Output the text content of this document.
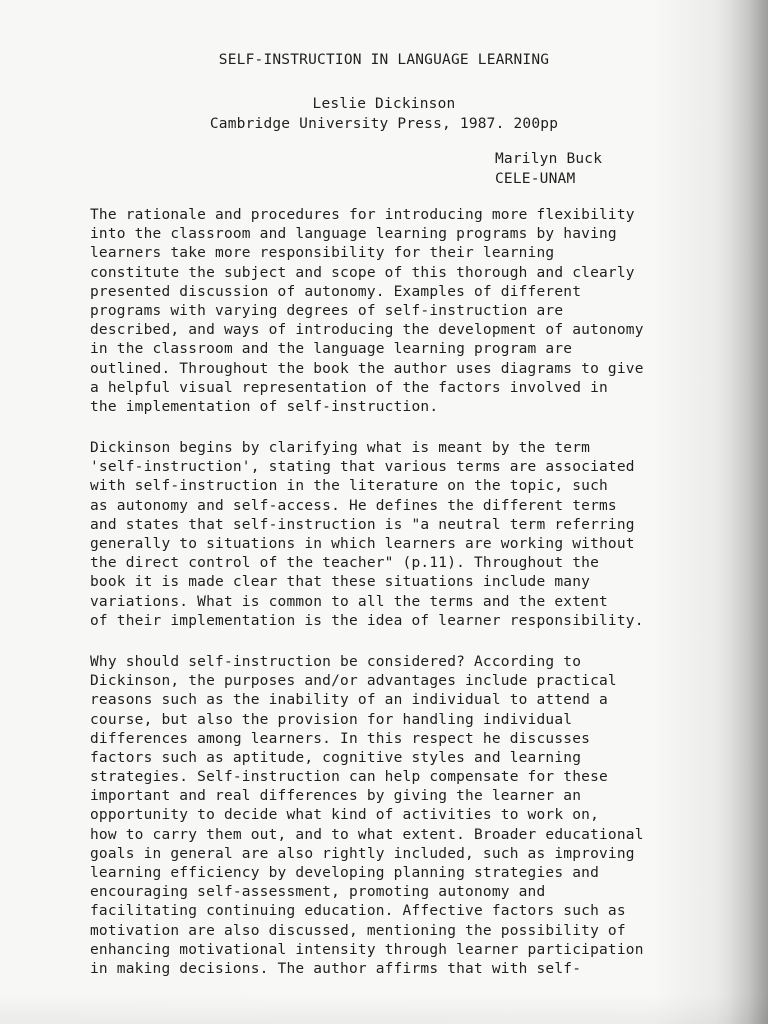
SELF-INSTRUCTION IN LANGUAGE LEARNING
Leslie Dickinson
Cambridge University Press, 1987. 200pp
Marilyn Buck
CELE-UNAM
The rationale and procedures for introducing more flexibility
into the classroom and language learning programs by having
learners take more responsibility for their learning
constitute the subject and scope of this thorough and clearly
presented discussion of autonomy. Examples of different
programs with varying degrees of self-instruction are
described, and ways of introducing the development of autonomy
in the classroom and the language learning program are
outlined. Throughout the book the author uses diagrams to give
a helpful visual representation of the factors involved in
the implementation of self-instruction.
Dickinson begins by clarifying what is meant by the term
'self-instruction', stating that various terms are associated
with self-instruction in the literature on the topic, such
as autonomy and self-access. He defines the different terms
and states that self-instruction is "a neutral term referring
generally to situations in which learners are working without
the direct control of the teacher" (p.11). Throughout the
book it is made clear that these situations include many
variations. What is common to all the terms and the extent
of their implementation is the idea of learner responsibility.
Why should self-instruction be considered? According to
Dickinson, the purposes and/or advantages include practical
reasons such as the inability of an individual to attend a
course, but also the provision for handling individual
differences among learners. In this respect he discusses
factors such as aptitude, cognitive styles and learning
strategies. Self-instruction can help compensate for these
important and real differences by giving the learner an
opportunity to decide what kind of activities to work on,
how to carry them out, and to what extent. Broader educational
goals in general are also rightly included, such as improving
learning efficiency by developing planning strategies and
encouraging self-assessment, promoting autonomy and
facilitating continuing education. Affective factors such as
motivation are also discussed, mentioning the possibility of
enhancing motivational intensity through learner participation
in making decisions. The author affirms that with self-
